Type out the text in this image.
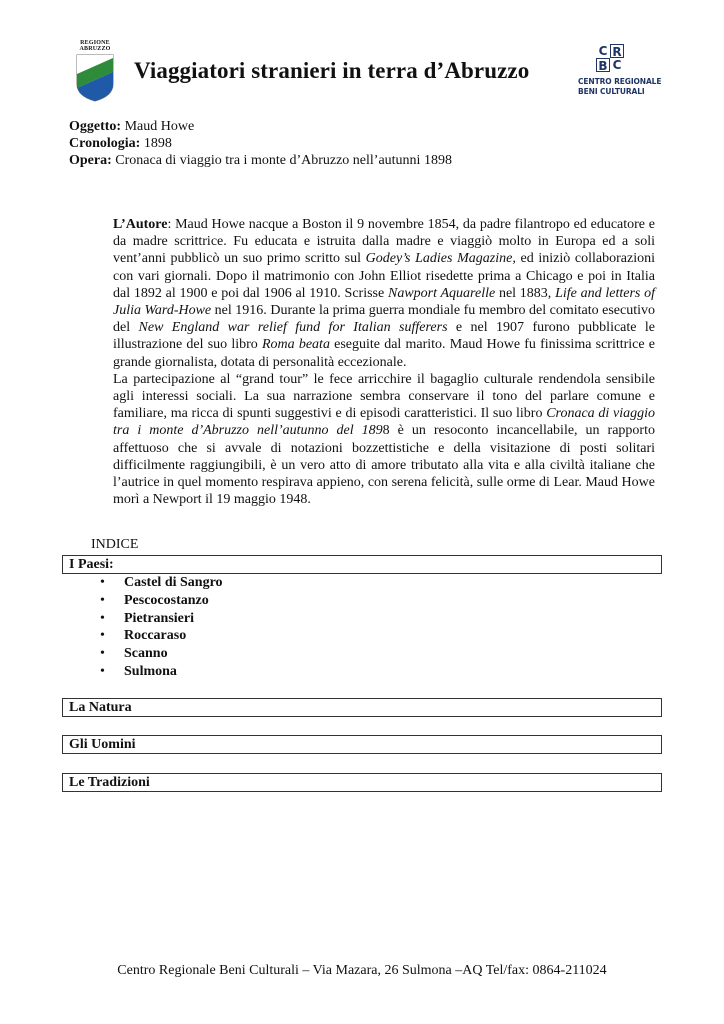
REGIONE
ABRUZZO
Viaggiatori stranieri in terra d’Abruzzo
C R
B C
CENTRO REGIONALE
BENI CULTURALI
Oggetto: Maud Howe
Cronologia: 1898
Opera: Cronaca di viaggio tra i monte d’Abruzzo nell’autunni 1898

L’Autore: Maud Howe nacque a Boston il 9 novembre 1854, da padre filantropo ed educatore e da madre scrittrice. Fu educata e istruita dalla madre e viaggiò molto in Europa ed a soli vent’anni pubblicò un suo primo scritto sul Godey’s Ladies Magazine, ed iniziò collaborazioni con vari giornali. Dopo il matrimonio con John Elliot risedette prima a Chicago e poi in Italia dal 1892 al 1900 e poi dal 1906 al 1910. Scrisse Nawport Aquarelle nel 1883, Life and letters of Julia Ward-Howe nel 1916. Durante la prima guerra mondiale fu membro del comitato esecutivo del New England war relief fund for Italian sufferers e nel 1907 furono pubblicate le illustrazione del suo libro Roma beata eseguite dal marito. Maud Howe fu finissima scrittrice e grande giornalista, dotata di personalità eccezionale.

La partecipazione al “grand tour” le fece arricchire il bagaglio culturale rendendola sensibile agli interessi sociali. La sua narrazione sembra conservare il tono del parlare comune e familiare, ma ricca di spunti suggestivi e di episodi caratteristici. Il suo libro Cronaca di viaggio tra i monte d’Abruzzo nell’autunno del 1898 è un resoconto incancellabile, un rapporto affettuoso che si avvale di notazioni bozzettistiche e della visitazione di posti solitari difficilmente raggiungibili, è un vero atto di amore tributato alla vita e alla civiltà italiane che l’autrice in quel momento respirava appieno, con serena felicità, sulle orme di Lear. Maud Howe morì a Newport il 19 maggio 1948.

INDICE
I Paesi:
• Castel di Sangro
• Pescocostanzo
• Pietransieri
• Roccaraso
• Scanno
• Sulmona
La Natura
Gli Uomini
Le Tradizioni
Centro Regionale Beni Culturali – Via Mazara, 26 Sulmona –AQ Tel/fax: 0864-211024
